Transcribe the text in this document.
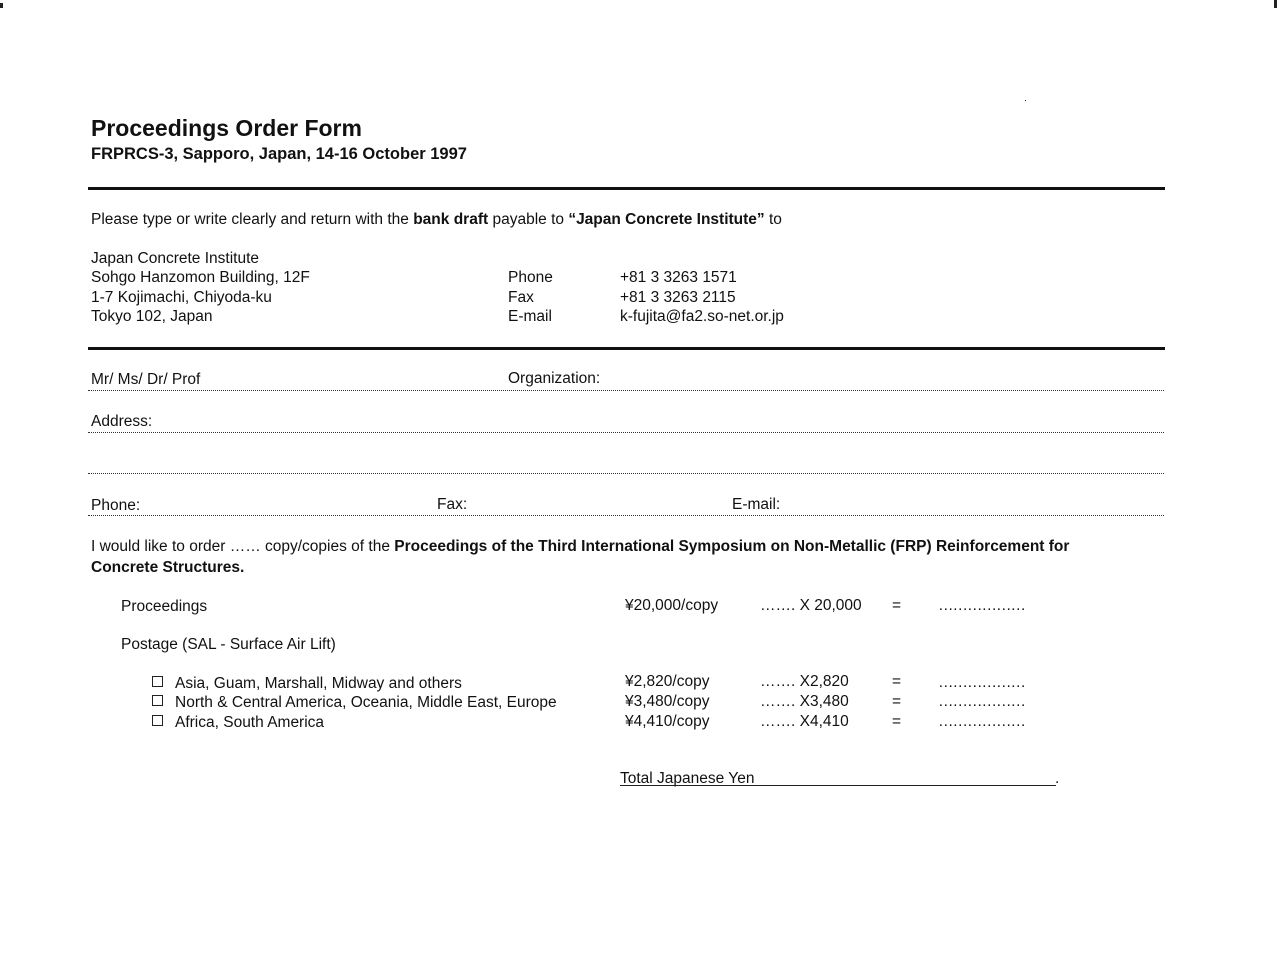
Proceedings Order Form
FRPRCS-3, Sapporo, Japan, 14-16 October 1997
Please type or write clearly and return with the bank draft payable to “Japan Concrete Institute” to
Japan Concrete Institute
Sohgo Hanzomon Building, 12F
1-7 Kojimachi, Chiyoda-ku
Tokyo 102, Japan
Phone	+81 3 3263 1571
Fax	+81 3 3263 2115
E-mail	k-fujita@fa2.so-net.or.jp
Mr/ Ms/ Dr/ Prof	Organization:
Address:
Phone:	Fax:	E-mail:
I would like to order …… copy/copies of the Proceedings of the Third International Symposium on Non-Metallic (FRP) Reinforcement for
Concrete Structures.
Proceedings	¥20,000/copy	……. X 20,000 = ………………
Postage (SAL - Surface Air Lift)
Asia, Guam, Marshall, Midway and others	¥2,820/copy	……. X2,820	= ………………
North & Central America, Oceania, Middle East, Europe	¥3,480/copy	……. X3,480	= ………………
Africa, South America	¥4,410/copy	……. X4,410	= ………………
Total Japanese Yen	.
